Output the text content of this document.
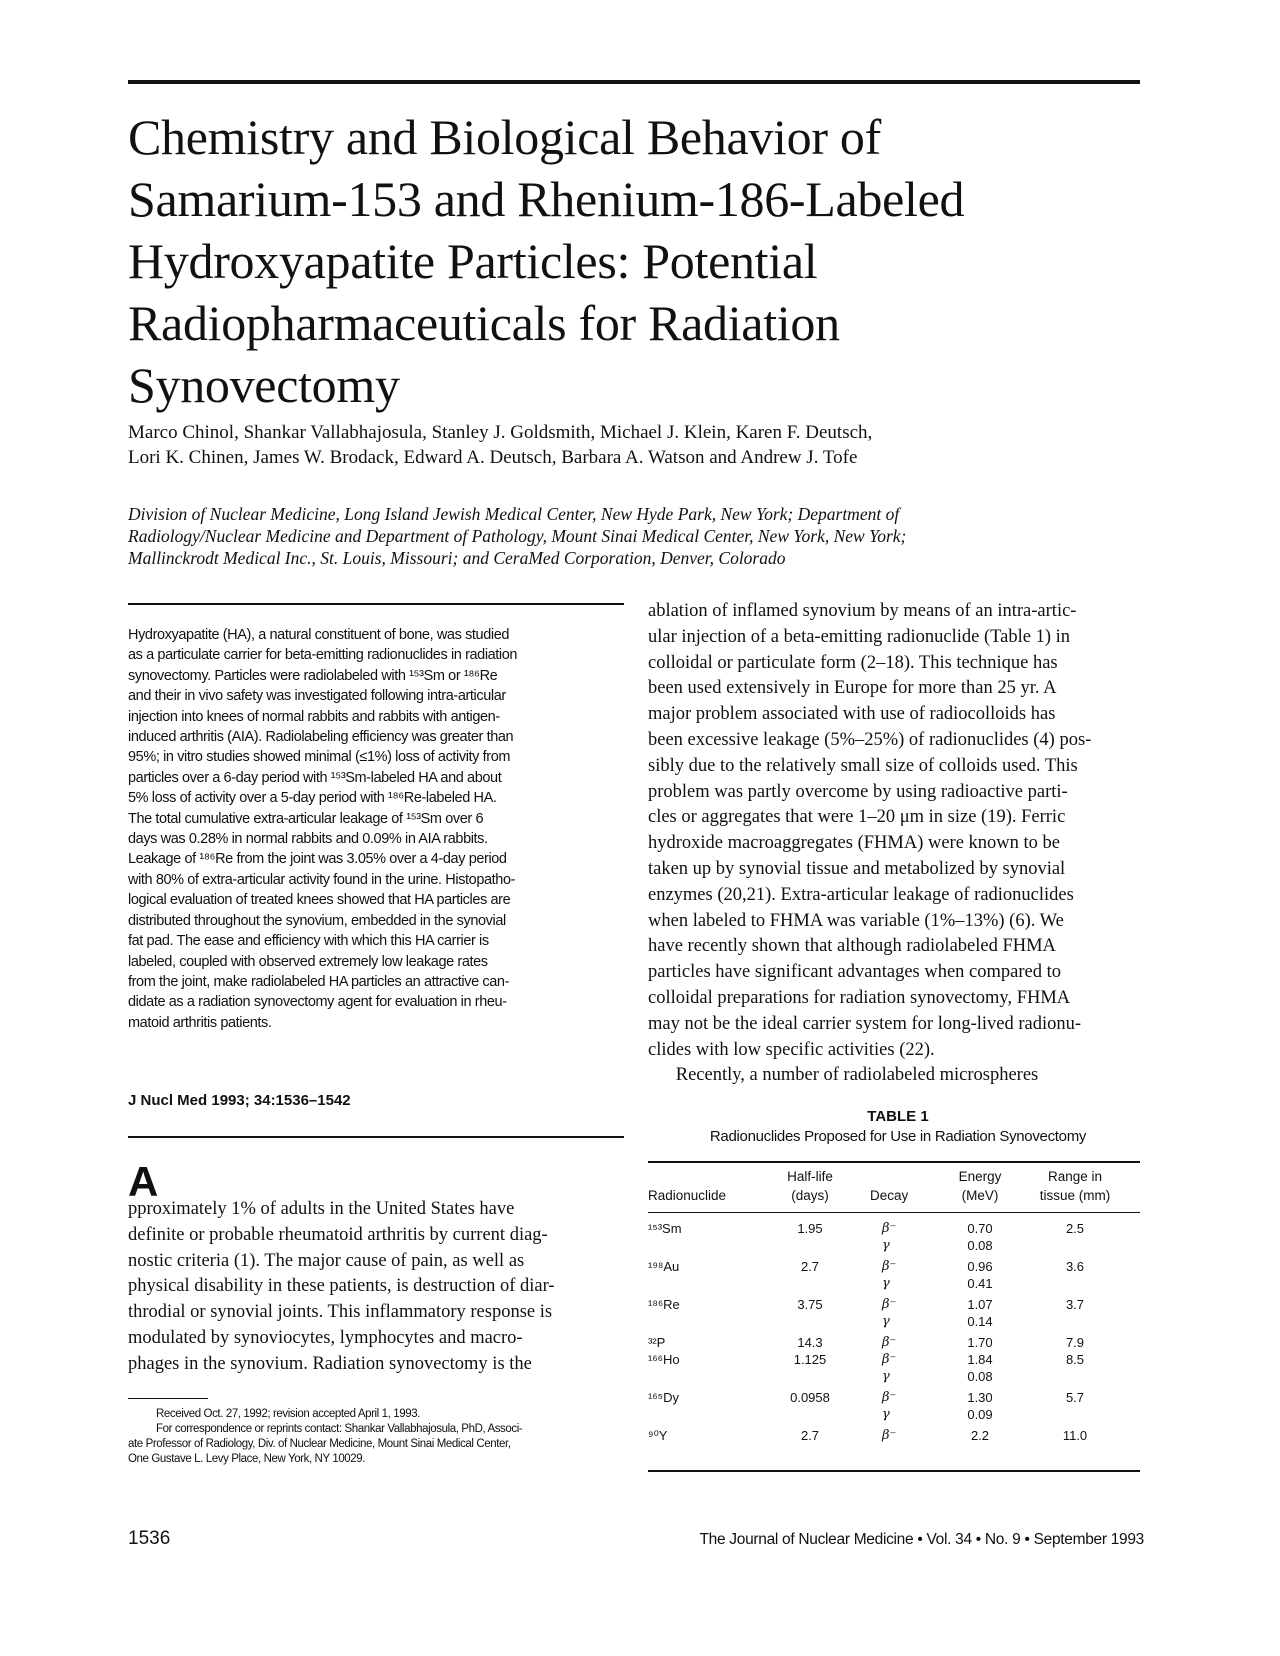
Chemistry and Biological Behavior of
Samarium-153 and Rhenium-186-Labeled
Hydroxyapatite Particles: Potential
Radiopharmaceuticals for Radiation
Synovectomy
Marco Chinol, Shankar Vallabhajosula, Stanley J. Goldsmith, Michael J. Klein, Karen F. Deutsch,
Lori K. Chinen, James W. Brodack, Edward A. Deutsch, Barbara A. Watson and Andrew J. Tofe
Division of Nuclear Medicine, Long Island Jewish Medical Center, New Hyde Park, New York; Department of
Radiology/Nuclear Medicine and Department of Pathology, Mount Sinai Medical Center, New York, New York;
Mallinckrodt Medical Inc., St. Louis, Missouri; and CeraMed Corporation, Denver, Colorado
Hydroxyapatite (HA), a natural constituent of bone, was studied
as a particulate carrier for beta-emitting radionuclides in radiation
synovectomy. Particles were radiolabeled with ¹⁵³Sm or ¹⁸⁶Re
and their in vivo safety was investigated following intra-articular
injection into knees of normal rabbits and rabbits with antigen-
induced arthritis (AIA). Radiolabeling efficiency was greater than
95%; in vitro studies showed minimal (≤1%) loss of activity from
particles over a 6-day period with ¹⁵³Sm-labeled HA and about
5% loss of activity over a 5-day period with ¹⁸⁶Re-labeled HA.
The total cumulative extra-articular leakage of ¹⁵³Sm over 6
days was 0.28% in normal rabbits and 0.09% in AIA rabbits.
Leakage of ¹⁸⁶Re from the joint was 3.05% over a 4-day period
with 80% of extra-articular activity found in the urine. Histopatho-
logical evaluation of treated knees showed that HA particles are
distributed throughout the synovium, embedded in the synovial
fat pad. The ease and efficiency with which this HA carrier is
labeled, coupled with observed extremely low leakage rates
from the joint, make radiolabeled HA particles an attractive can-
didate as a radiation synovectomy agent for evaluation in rheu-
matoid arthritis patients.
J Nucl Med 1993; 34:1536–1542
A
pproximately 1% of adults in the United States have
definite or probable rheumatoid arthritis by current diag-
nostic criteria (1). The major cause of pain, as well as
physical disability in these patients, is destruction of diar-
throdial or synovial joints. This inflammatory response is
modulated by synoviocytes, lymphocytes and macro-
phages in the synovium. Radiation synovectomy is the
Received Oct. 27, 1992; revision accepted April 1, 1993.
For correspondence or reprints contact: Shankar Vallabhajosula, PhD, Associ-
ate Professor of Radiology, Div. of Nuclear Medicine, Mount Sinai Medical Center,
One Gustave L. Levy Place, New York, NY 10029.
ablation of inflamed synovium by means of an intra-artic-
ular injection of a beta-emitting radionuclide (Table 1) in
colloidal or particulate form (2–18). This technique has
been used extensively in Europe for more than 25 yr. A
major problem associated with use of radiocolloids has
been excessive leakage (5%–25%) of radionuclides (4) pos-
sibly due to the relatively small size of colloids used. This
problem was partly overcome by using radioactive parti-
cles or aggregates that were 1–20 μm in size (19). Ferric
hydroxide macroaggregates (FHMA) were known to be
taken up by synovial tissue and metabolized by synovial
enzymes (20,21). Extra-articular leakage of radionuclides
when labeled to FHMA was variable (1%–13%) (6). We
have recently shown that although radiolabeled FHMA
particles have significant advantages when compared to
colloidal preparations for radiation synovectomy, FHMA
may not be the ideal carrier system for long-lived radionu-
clides with low specific activities (22).
Recently, a number of radiolabeled microspheres
TABLE 1
Radionuclides Proposed for Use in Radiation Synovectomy
Half-life	Energy	Range in
Radionuclide	(days)	Decay	(MeV)	tissue (mm)
¹⁵³Sm	1.95	β⁻	0.70	2.5
γ	0.08
¹⁹⁸Au	2.7	β⁻	0.96	3.6
γ	0.41
¹⁸⁶Re	3.75	β⁻	1.07	3.7
γ	0.14
³²P	14.3	β⁻	1.70	7.9
¹⁶⁶Ho	1.125	β⁻	1.84	8.5
γ	0.08
¹⁶⁵Dy	0.0958	β⁻	1.30	5.7
γ	0.09
⁹⁰Y	2.7	β⁻	2.2	11.0
1536	The Journal of Nuclear Medicine • Vol. 34 • No. 9 • September 1993
